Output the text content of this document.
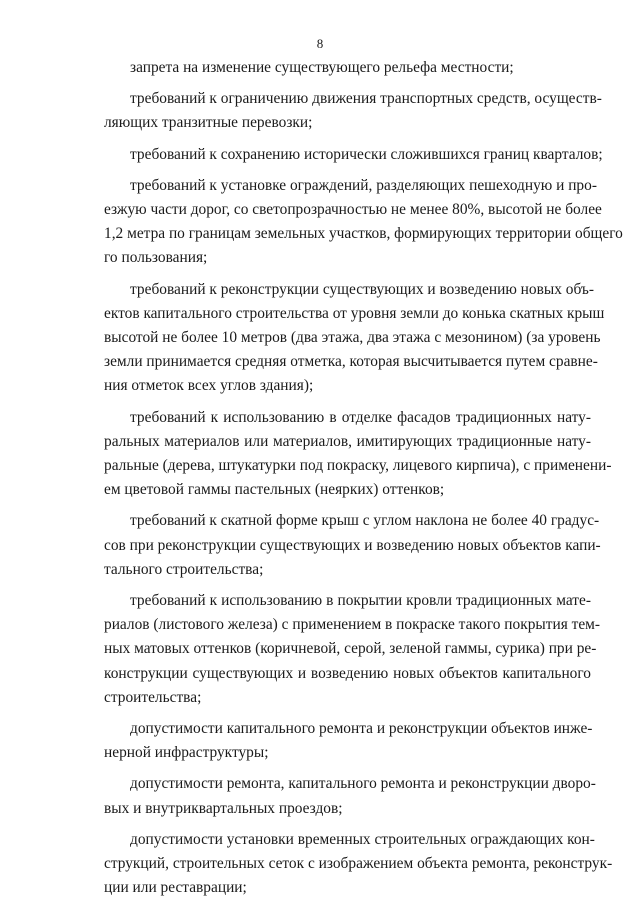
8
запрета на изменение существующего рельефа местности;
требований к ограничению движения транспортных средств, осуществ-
ляющих транзитные перевозки;
требований к сохранению исторически сложившихся границ кварталов;
требований к установке ограждений, разделяющих пешеходную и про-
езжую части дорог, со светопрозрачностью не менее 80%, высотой не более
1,2 метра по границам земельных участков, формирующих территории общего
го пользования;
требований к реконструкции существующих и возведению новых объ-
ектов капитального строительства от уровня земли до конька скатных крыш
высотой не более 10 метров (два этажа, два этажа с мезонином) (за уровень
земли принимается средняя отметка, которая высчитывается путем сравне-
ния отметок всех углов здания);
требований к использованию в отделке фасадов традиционных нату-
ральных материалов или материалов, имитирующих традиционные нату-
ральные (дерева, штукатурки под покраску, лицевого кирпича), с применени-
ем цветовой гаммы пастельных (неярких) оттенков;
требований к скатной форме крыш с углом наклона не более 40 градус-
сов при реконструкции существующих и возведению новых объектов капи-
тального строительства;
требований к использованию в покрытии кровли традиционных мате-
риалов (листового железа) с применением в покраске такого покрытия тем-
ных матовых оттенков (коричневой, серой, зеленой гаммы, сурика) при ре-
конструкции существующих и возведению новых объектов капитального
строительства;
допустимости капитального ремонта и реконструкции объектов инже-
нерной инфраструктуры;
допустимости ремонта, капитального ремонта и реконструкции дворо-
вых и внутриквартальных проездов;
допустимости установки временных строительных ограждающих кон-
струкций, строительных сеток с изображением объекта ремонта, реконструк-
ции или реставрации;
